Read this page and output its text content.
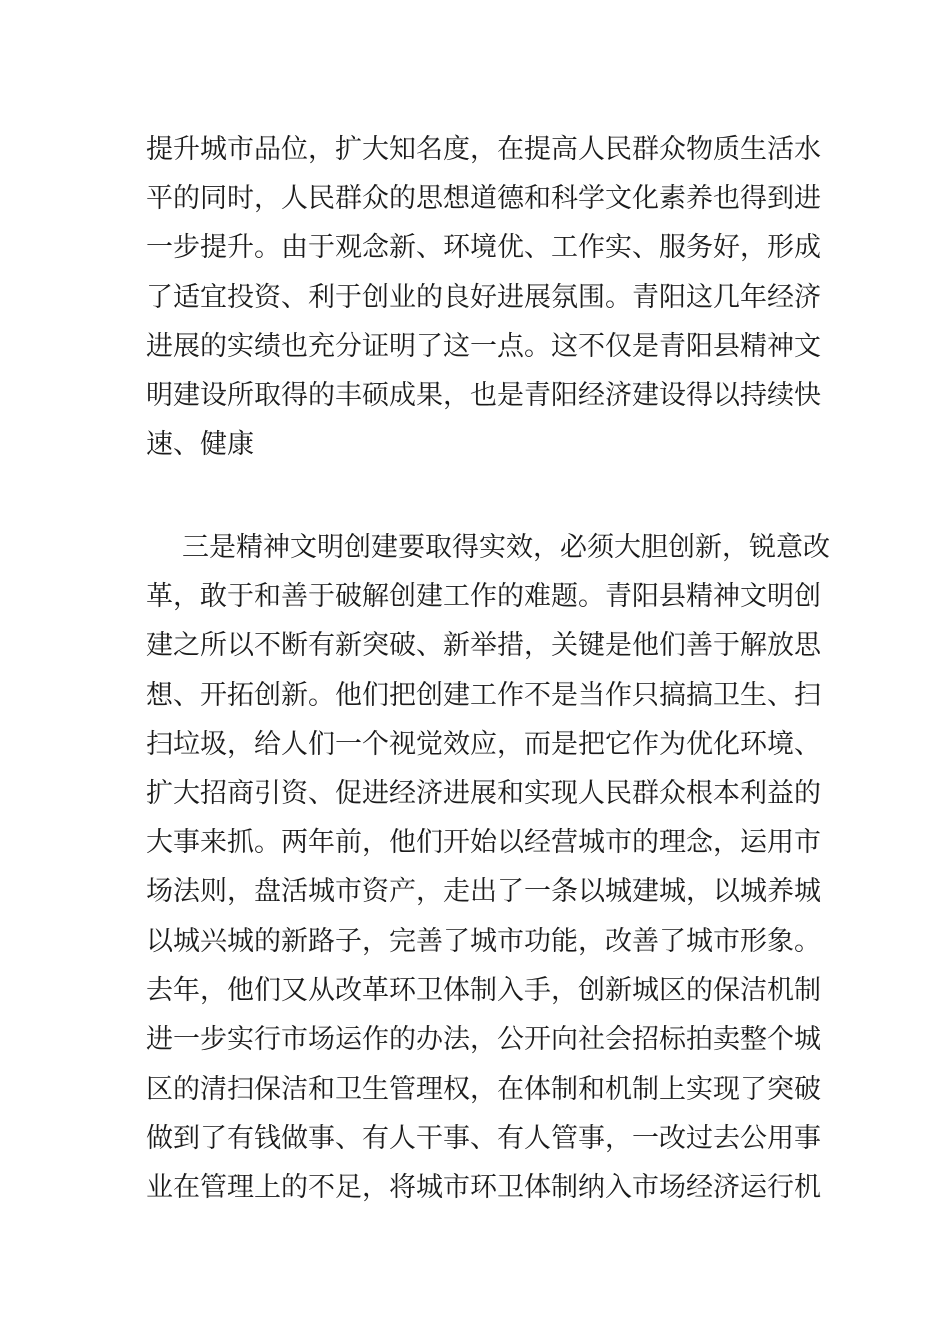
提升城市品位，扩大知名度，在提高人民群众物质生活水
平的同时，人民群众的思想道德和科学文化素养也得到进
一步提升。由于观念新、环境优、工作实、服务好，形成
了适宜投资、利于创业的良好进展氛围。青阳这几年经济
进展的实绩也充分证明了这一点。这不仅是青阳县精神文
明建设所取得的丰硕成果，也是青阳经济建设得以持续快
速、健康
三是精神文明创建要取得实效，必须大胆创新，锐意改
革，敢于和善于破解创建工作的难题。青阳县精神文明创
建之所以不断有新突破、新举措，关键是他们善于解放思
想、开拓创新。他们把创建工作不是当作只搞搞卫生、扫
扫垃圾，给人们一个视觉效应，而是把它作为优化环境、
扩大招商引资、促进经济进展和实现人民群众根本利益的
大事来抓。两年前，他们开始以经营城市的理念，运用市
场法则，盘活城市资产，走出了一条以城建城，以城养城
以城兴城的新路子，完善了城市功能，改善了城市形象。
去年，他们又从改革环卫体制入手，创新城区的保洁机制
进一步实行市场运作的办法，公开向社会招标拍卖整个城
区的清扫保洁和卫生管理权，在体制和机制上实现了突破
做到了有钱做事、有人干事、有人管事，一改过去公用事
业在管理上的不足，将城市环卫体制纳入市场经济运行机
